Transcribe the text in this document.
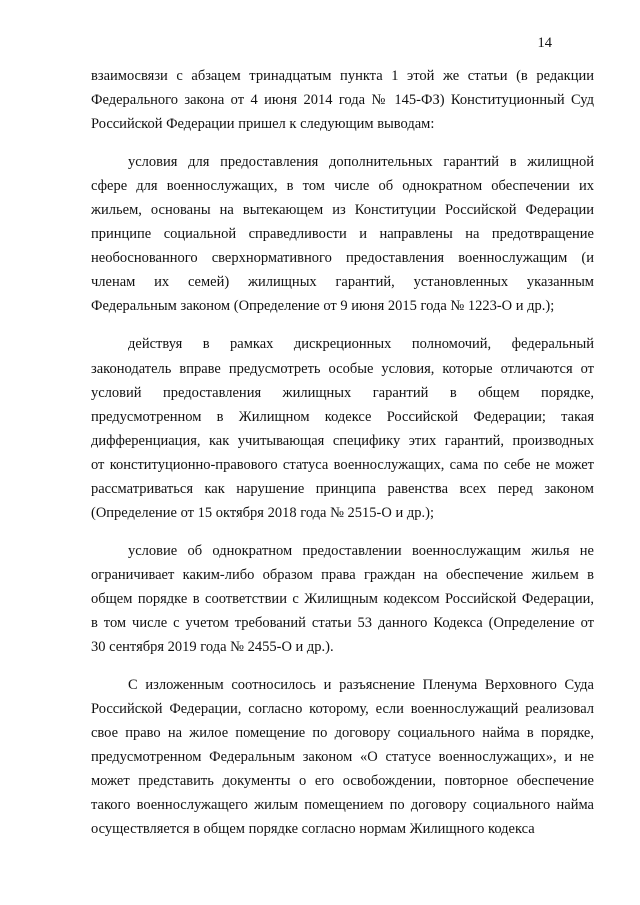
14

взаимосвязи с абзацем тринадцатым пункта 1 этой же статьи (в редакции
Федерального закона от 4 июня 2014 года № 145-ФЗ) Конституционный Суд
Российской Федерации пришел к следующим выводам:

условия для предоставления дополнительных гарантий в жилищной
сфере для военнослужащих, в том числе об однократном обеспечении их
жильем, основаны на вытекающем из Конституции Российской Федерации
принципе социальной справедливости и направлены на предотвращение
необоснованного сверхнормативного предоставления военнослужащим (и
членам их семей) жилищных гарантий, установленных указанным
Федеральным законом (Определение от 9 июня 2015 года № 1223-О и др.);

действуя в рамках дискреционных полномочий, федеральный
законодатель вправе предусмотреть особые условия, которые отличаются от
условий предоставления жилищных гарантий в общем порядке,
предусмотренном в Жилищном кодексе Российской Федерации; такая
дифференциация, как учитывающая специфику этих гарантий, производных
от конституционно-правового статуса военнослужащих, сама по себе не может
рассматриваться как нарушение принципа равенства всех перед законом
(Определение от 15 октября 2018 года № 2515-О и др.);

условие об однократном предоставлении военнослужащим жилья не
ограничивает каким-либо образом права граждан на обеспечение жильем в
общем порядке в соответствии с Жилищным кодексом Российской Федерации,
в том числе с учетом требований статьи 53 данного Кодекса (Определение от
30 сентября 2019 года № 2455-О и др.).

С изложенным соотносилось и разъяснение Пленума Верховного Суда
Российской Федерации, согласно которому, если военнослужащий реализовал
свое право на жилое помещение по договору социального найма в порядке,
предусмотренном Федеральным законом «О статусе военнослужащих», и не
может представить документы о его освобождении, повторное обеспечение
такого военнослужащего жилым помещением по договору социального найма
осуществляется в общем порядке согласно нормам Жилищного кодекса
